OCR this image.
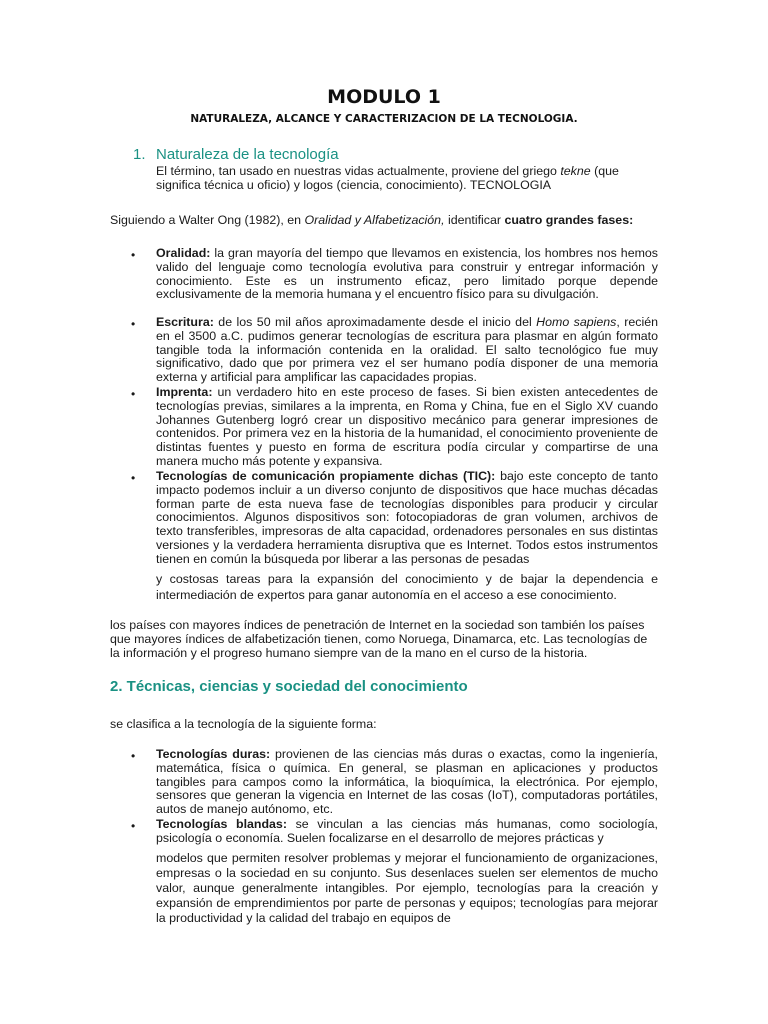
MODULO 1
NATURALEZA, ALCANCE Y CARACTERIZACION DE LA TECNOLOGIA.
1. Naturaleza de la tecnología
El término, tan usado en nuestras vidas actualmente, proviene del griego tekne (que significa técnica u oficio) y logos (ciencia, conocimiento). TECNOLOGIA
Siguiendo a Walter Ong (1982), en Oralidad y Alfabetización, identificar cuatro grandes fases:
• Oralidad: la gran mayoría del tiempo que llevamos en existencia, los hombres nos hemos valido del lenguaje como tecnología evolutiva para construir y entregar información y conocimiento. Este es un instrumento eficaz, pero limitado porque depende exclusivamente de la memoria humana y el encuentro físico para su divulgación.
• Escritura: de los 50 mil años aproximadamente desde el inicio del Homo sapiens, recién en el 3500 a.C. pudimos generar tecnologías de escritura para plasmar en algún formato tangible toda la información contenida en la oralidad. El salto tecnológico fue muy significativo, dado que por primera vez el ser humano podía disponer de una memoria externa y artificial para amplificar las capacidades propias.
• Imprenta: un verdadero hito en este proceso de fases. Si bien existen antecedentes de tecnologías previas, similares a la imprenta, en Roma y China, fue en el Siglo XV cuando Johannes Gutenberg logró crear un dispositivo mecánico para generar impresiones de contenidos. Por primera vez en la historia de la humanidad, el conocimiento proveniente de distintas fuentes y puesto en forma de escritura podía circular y compartirse de una manera mucho más potente y expansiva.
• Tecnologías de comunicación propiamente dichas (TIC): bajo este concepto de tanto impacto podemos incluir a un diverso conjunto de dispositivos que hace muchas décadas forman parte de esta nueva fase de tecnologías disponibles para producir y circular conocimientos. Algunos dispositivos son: fotocopiadoras de gran volumen, archivos de texto transferibles, impresoras de alta capacidad, ordenadores personales en sus distintas versiones y la verdadera herramienta disruptiva que es Internet. Todos estos instrumentos tienen en común la búsqueda por liberar a las personas de pesadas
y costosas tareas para la expansión del conocimiento y de bajar la dependencia e intermediación de expertos para ganar autonomía en el acceso a ese conocimiento.
los países con mayores índices de penetración de Internet en la sociedad son también los países que mayores índices de alfabetización tienen, como Noruega, Dinamarca, etc. Las tecnologías de la información y el progreso humano siempre van de la mano en el curso de la historia.
2. Técnicas, ciencias y sociedad del conocimiento
se clasifica a la tecnología de la siguiente forma:
• Tecnologías duras: provienen de las ciencias más duras o exactas, como la ingeniería, matemática, física o química. En general, se plasman en aplicaciones y productos tangibles para campos como la informática, la bioquímica, la electrónica. Por ejemplo, sensores que generan la vigencia en Internet de las cosas (IoT), computadoras portátiles, autos de manejo autónomo, etc.
• Tecnologías blandas: se vinculan a las ciencias más humanas, como sociología, psicología o economía. Suelen focalizarse en el desarrollo de mejores prácticas y
modelos que permiten resolver problemas y mejorar el funcionamiento de organizaciones, empresas o la sociedad en su conjunto. Sus desenlaces suelen ser elementos de mucho valor, aunque generalmente intangibles. Por ejemplo, tecnologías para la creación y expansión de emprendimientos por parte de personas y equipos; tecnologías para mejorar la productividad y la calidad del trabajo en equipos de
